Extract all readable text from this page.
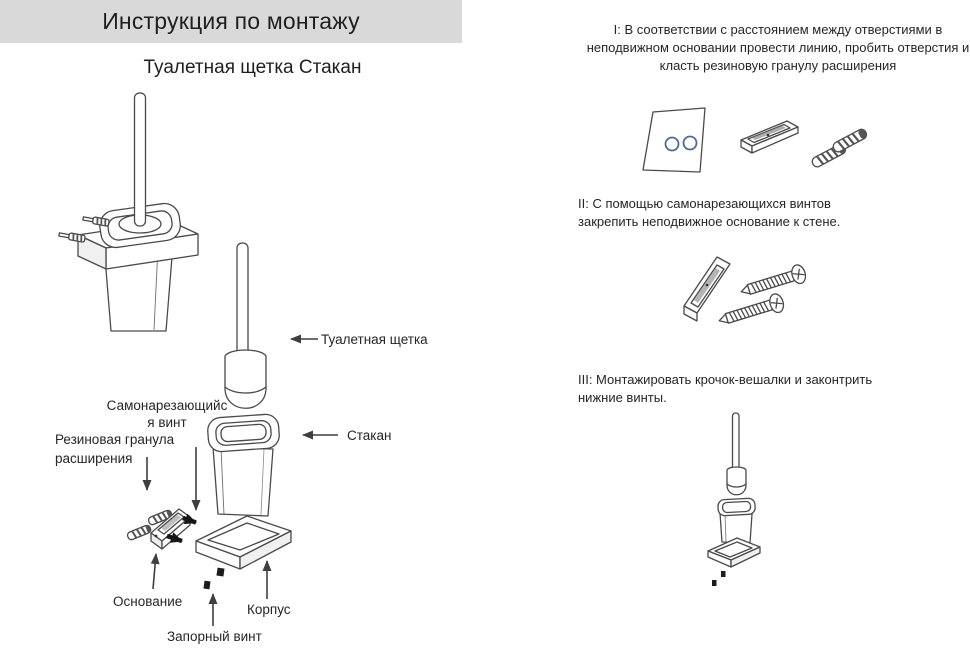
Инструкция по монтажу
Туалетная щетка Стакан
Туалетная щетка
Стакан
Самонарезающийс
я винт
Резиновая гранула
расширения
Основание
Корпус
Запорный винт
I: В соответствии с расстоянием между отверстиями в неподвижном основании провести линию, пробить отверстия и класть резиновую гранулу расширения
II: С помощью самонарезающихся винтов закрепить неподвижное основание к стене.
III: Монтажировать крочок-вешалки и законтрить нижние винты.
